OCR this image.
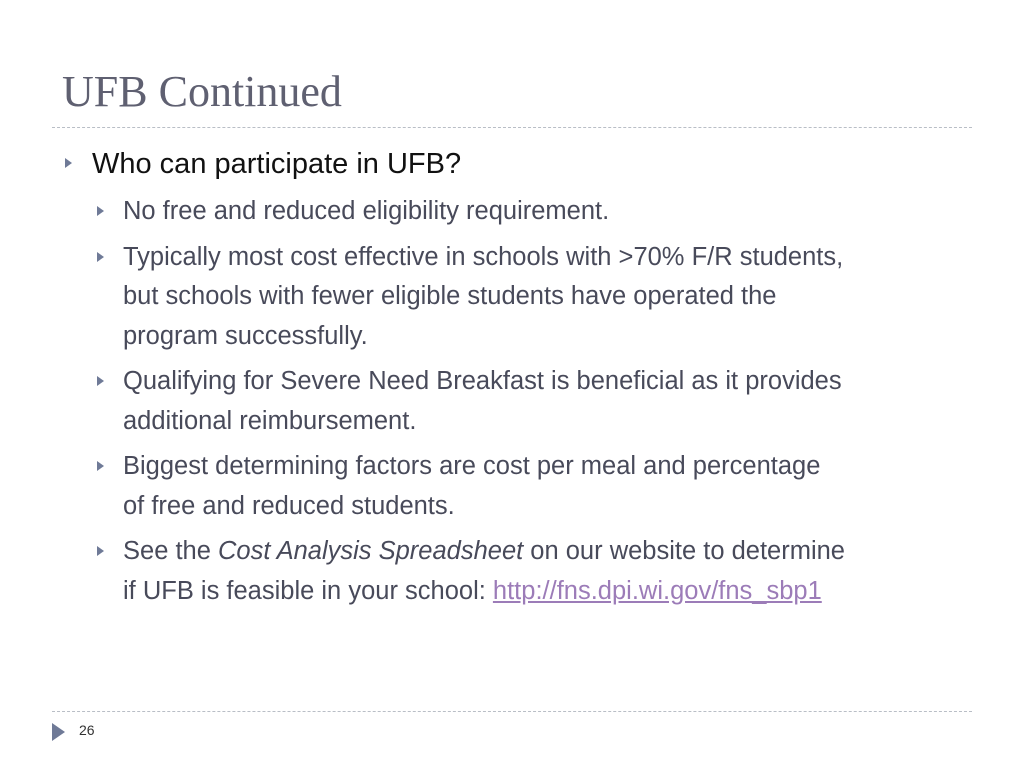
UFB Continued
Who can participate in UFB?
No free and reduced eligibility requirement.
Typically most cost effective in schools with >70% F/R students,
but schools with fewer eligible students have operated the
program successfully.
Qualifying for Severe Need Breakfast is beneficial as it provides
additional reimbursement.
Biggest determining factors are cost per meal and percentage
of free and reduced students.
See the Cost Analysis Spreadsheet on our website to determine
if UFB is feasible in your school: http://fns.dpi.wi.gov/fns_sbp1
26
